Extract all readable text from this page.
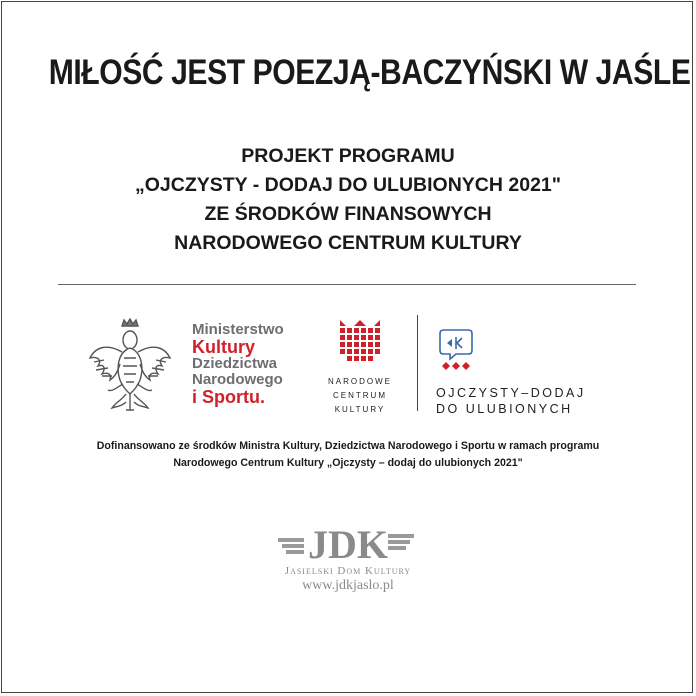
MIŁOŚĆ JEST POEZJĄ-BACZYŃSKI W JAŚLE
PROJEKT PROGRAMU
„OJCZYSTY - DODAJ DO ULUBIONYCH 2021"
ZE ŚRODKÓW FINANSOWYCH
NARODOWEGO CENTRUM KULTURY
Ministerstwo
Kultury
Dziedzictwa
Narodowego
i Sportu.
NARODOWE
CENTRUM
KULTURY
OJCZYSTY–DODAJ
DO ULUBIONYCH
Dofinansowano ze środków Ministra Kultury, Dziedzictwa Narodowego i Sportu w ramach programu
Narodowego Centrum Kultury „Ojczysty – dodaj do ulubionych 2021"
JDK
Jasielski Dom Kultury
www.jdkjaslo.pl
